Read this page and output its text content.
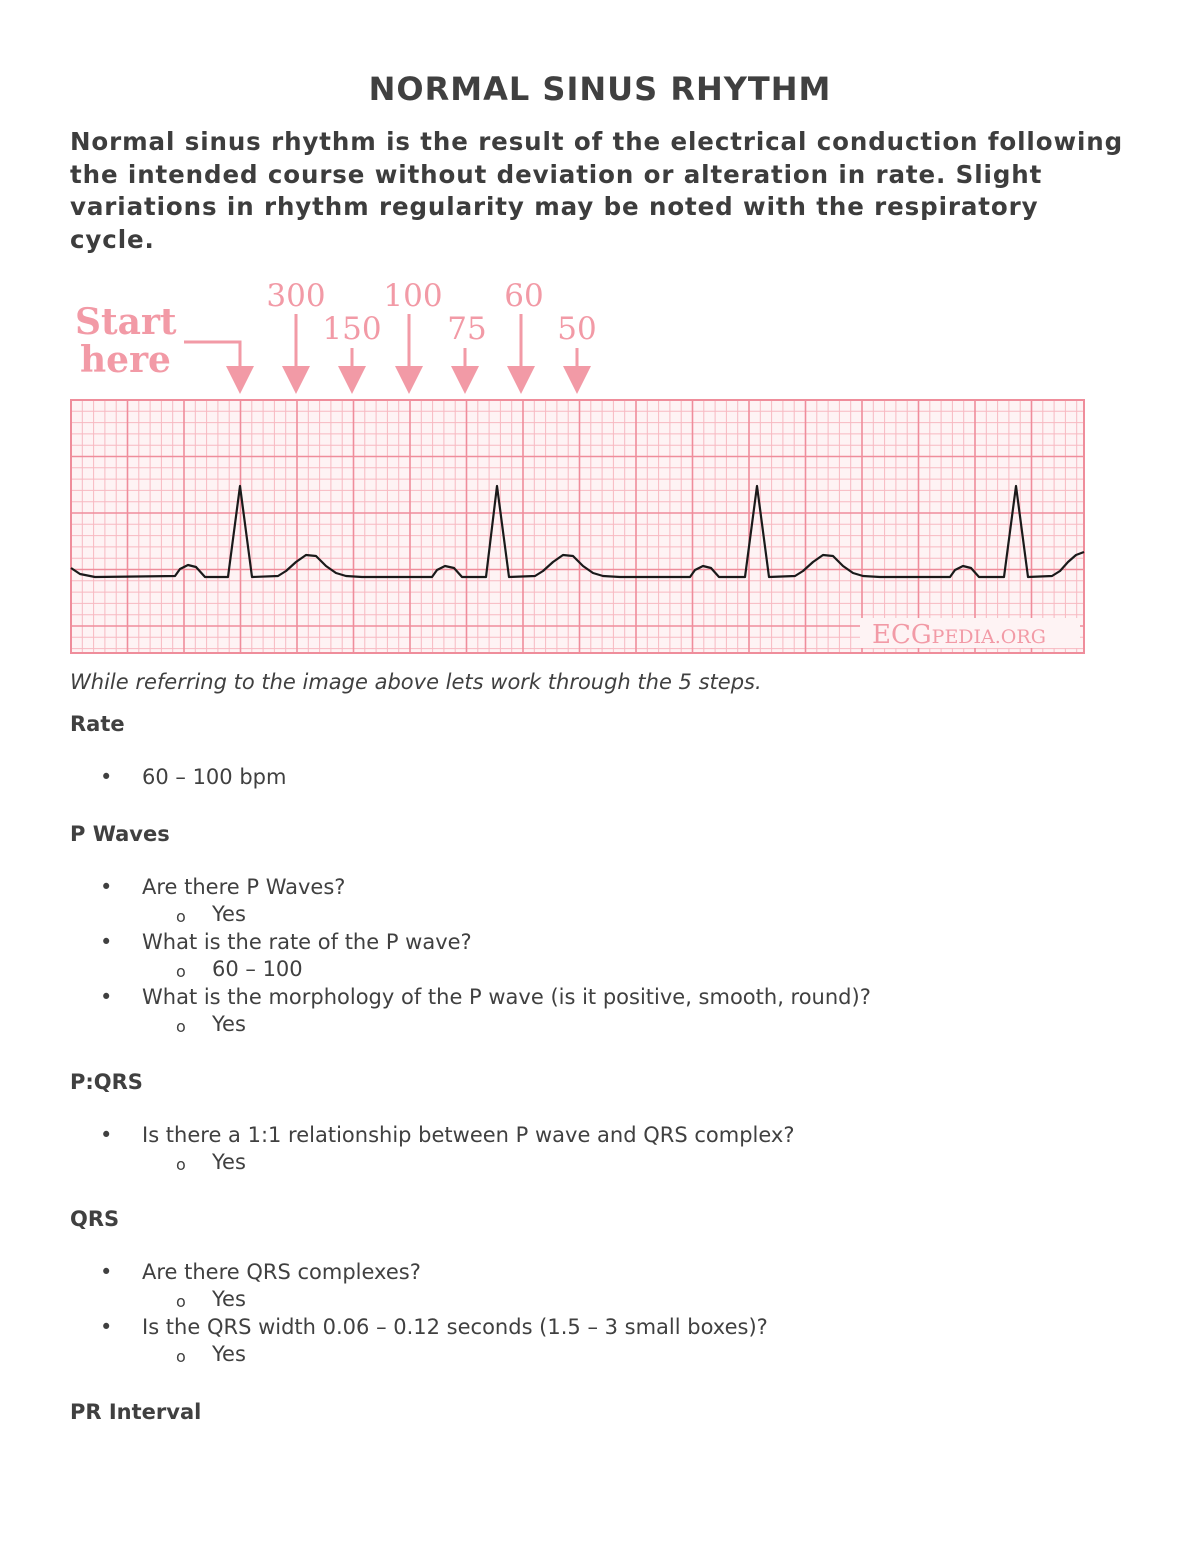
NORMAL SINUS RHYTHM
Normal sinus rhythm is the result of the electrical conduction following the intended course without deviation or alteration in rate. Slight variations in rhythm regularity may be noted with the respiratory cycle.
Start
here
300
150
100
75
60
50
ECGPEDIA.ORG
While referring to the image above lets work through the 5 steps.
Rate
• 60 – 100 bpm
P Waves
• Are there P Waves?
o Yes
• What is the rate of the P wave?
o 60 – 100
• What is the morphology of the P wave (is it positive, smooth, round)?
o Yes
P:QRS
• Is there a 1:1 relationship between P wave and QRS complex?
o Yes
QRS
• Are there QRS complexes?
o Yes
• Is the QRS width 0.06 – 0.12 seconds (1.5 – 3 small boxes)?
o Yes
PR Interval
